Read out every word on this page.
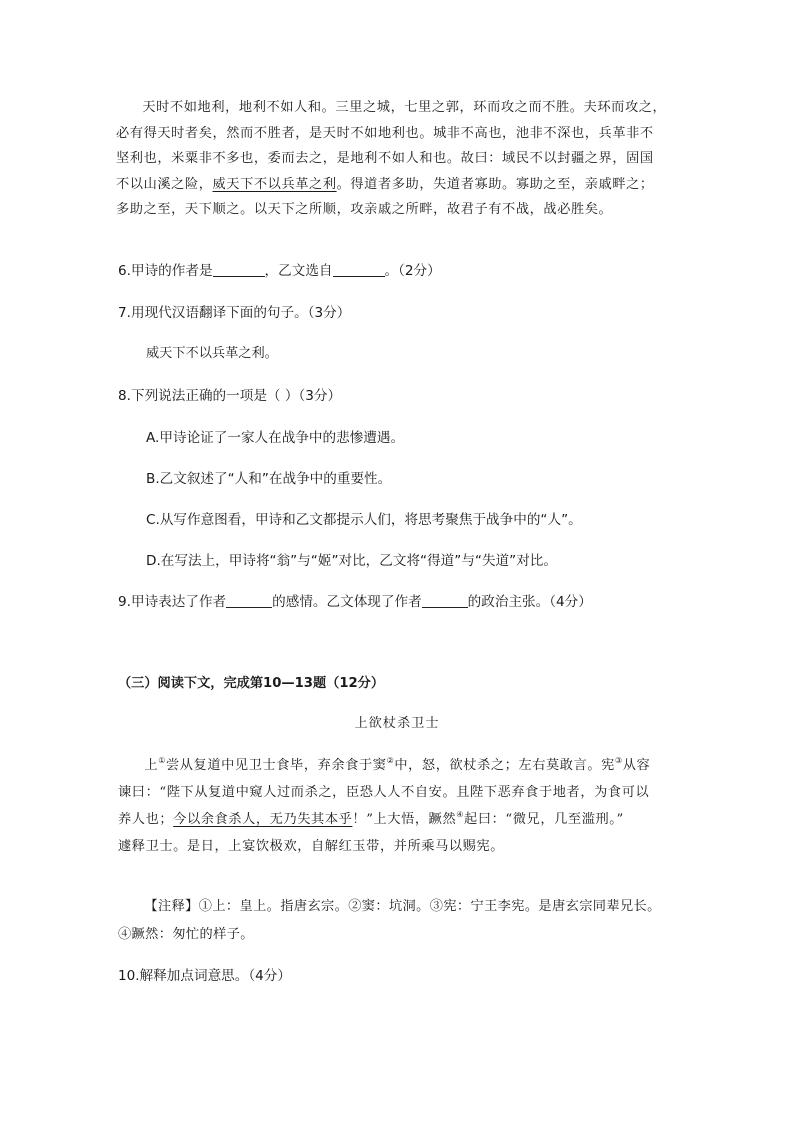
天时不如地利，地利不如人和。三里之城，七里之郭，环而攻之而不胜。夫环而攻之，

必有得天时者矣，然而不胜者，是天时不如地利也。城非不高也，池非不深也，兵革非不

坚利也，米粟非不多也，委而去之，是地利不如人和也。故曰：域民不以封疆之界，固国

不以山溪之险，威天下不以兵革之利。得道者多助，失道者寡助。寡助之至，亲戚畔之；

多助之至，天下顺之。以天下之所顺，攻亲戚之所畔，故君子有不战，战必胜矣。

6.甲诗的作者是	，乙文选自	。（2分）

7.用现代汉语翻译下面的句子。（3分）

威天下不以兵革之利。

8.下列说法正确的一项是（ ）（3分）

A.甲诗论证了一家人在战争中的悲惨遭遇。

B.乙文叙述了“人和”在战争中的重要性。

C.从写作意图看，甲诗和乙文都提示人们，将思考聚焦于战争中的“人”。

D.在写法上，甲诗将“翁”与“姬”对比，乙文将“得道”与“失道”对比。

9.甲诗表达了作者	的感情。乙文体现了作者	的政治主张。（4分）

（三）阅读下文，完成第10—13题（12分）

上欲杖杀卫士

上①尝从复道中见卫士食毕，弃余食于窦②中，怒，欲杖杀之；左右莫敢言。宪③从容

谏曰：“陛下从复道中窥人过而杀之，臣恐人人不自安。且陛下恶弃食于地者，为食可以

养人也；今以余食杀人，无乃失其本乎！”上大悟，蹶然④起曰：“微兄，几至滥刑。”

遽释卫士。是日，上宴饮极欢，自解红玉带，并所乘马以赐宪。

【注释】①上：皇上。指唐玄宗。②窦：坑洞。③宪：宁王李宪。是唐玄宗同辈兄长。
④蹶然：匆忙的样子。

10.解释加点词意思。（4分）
